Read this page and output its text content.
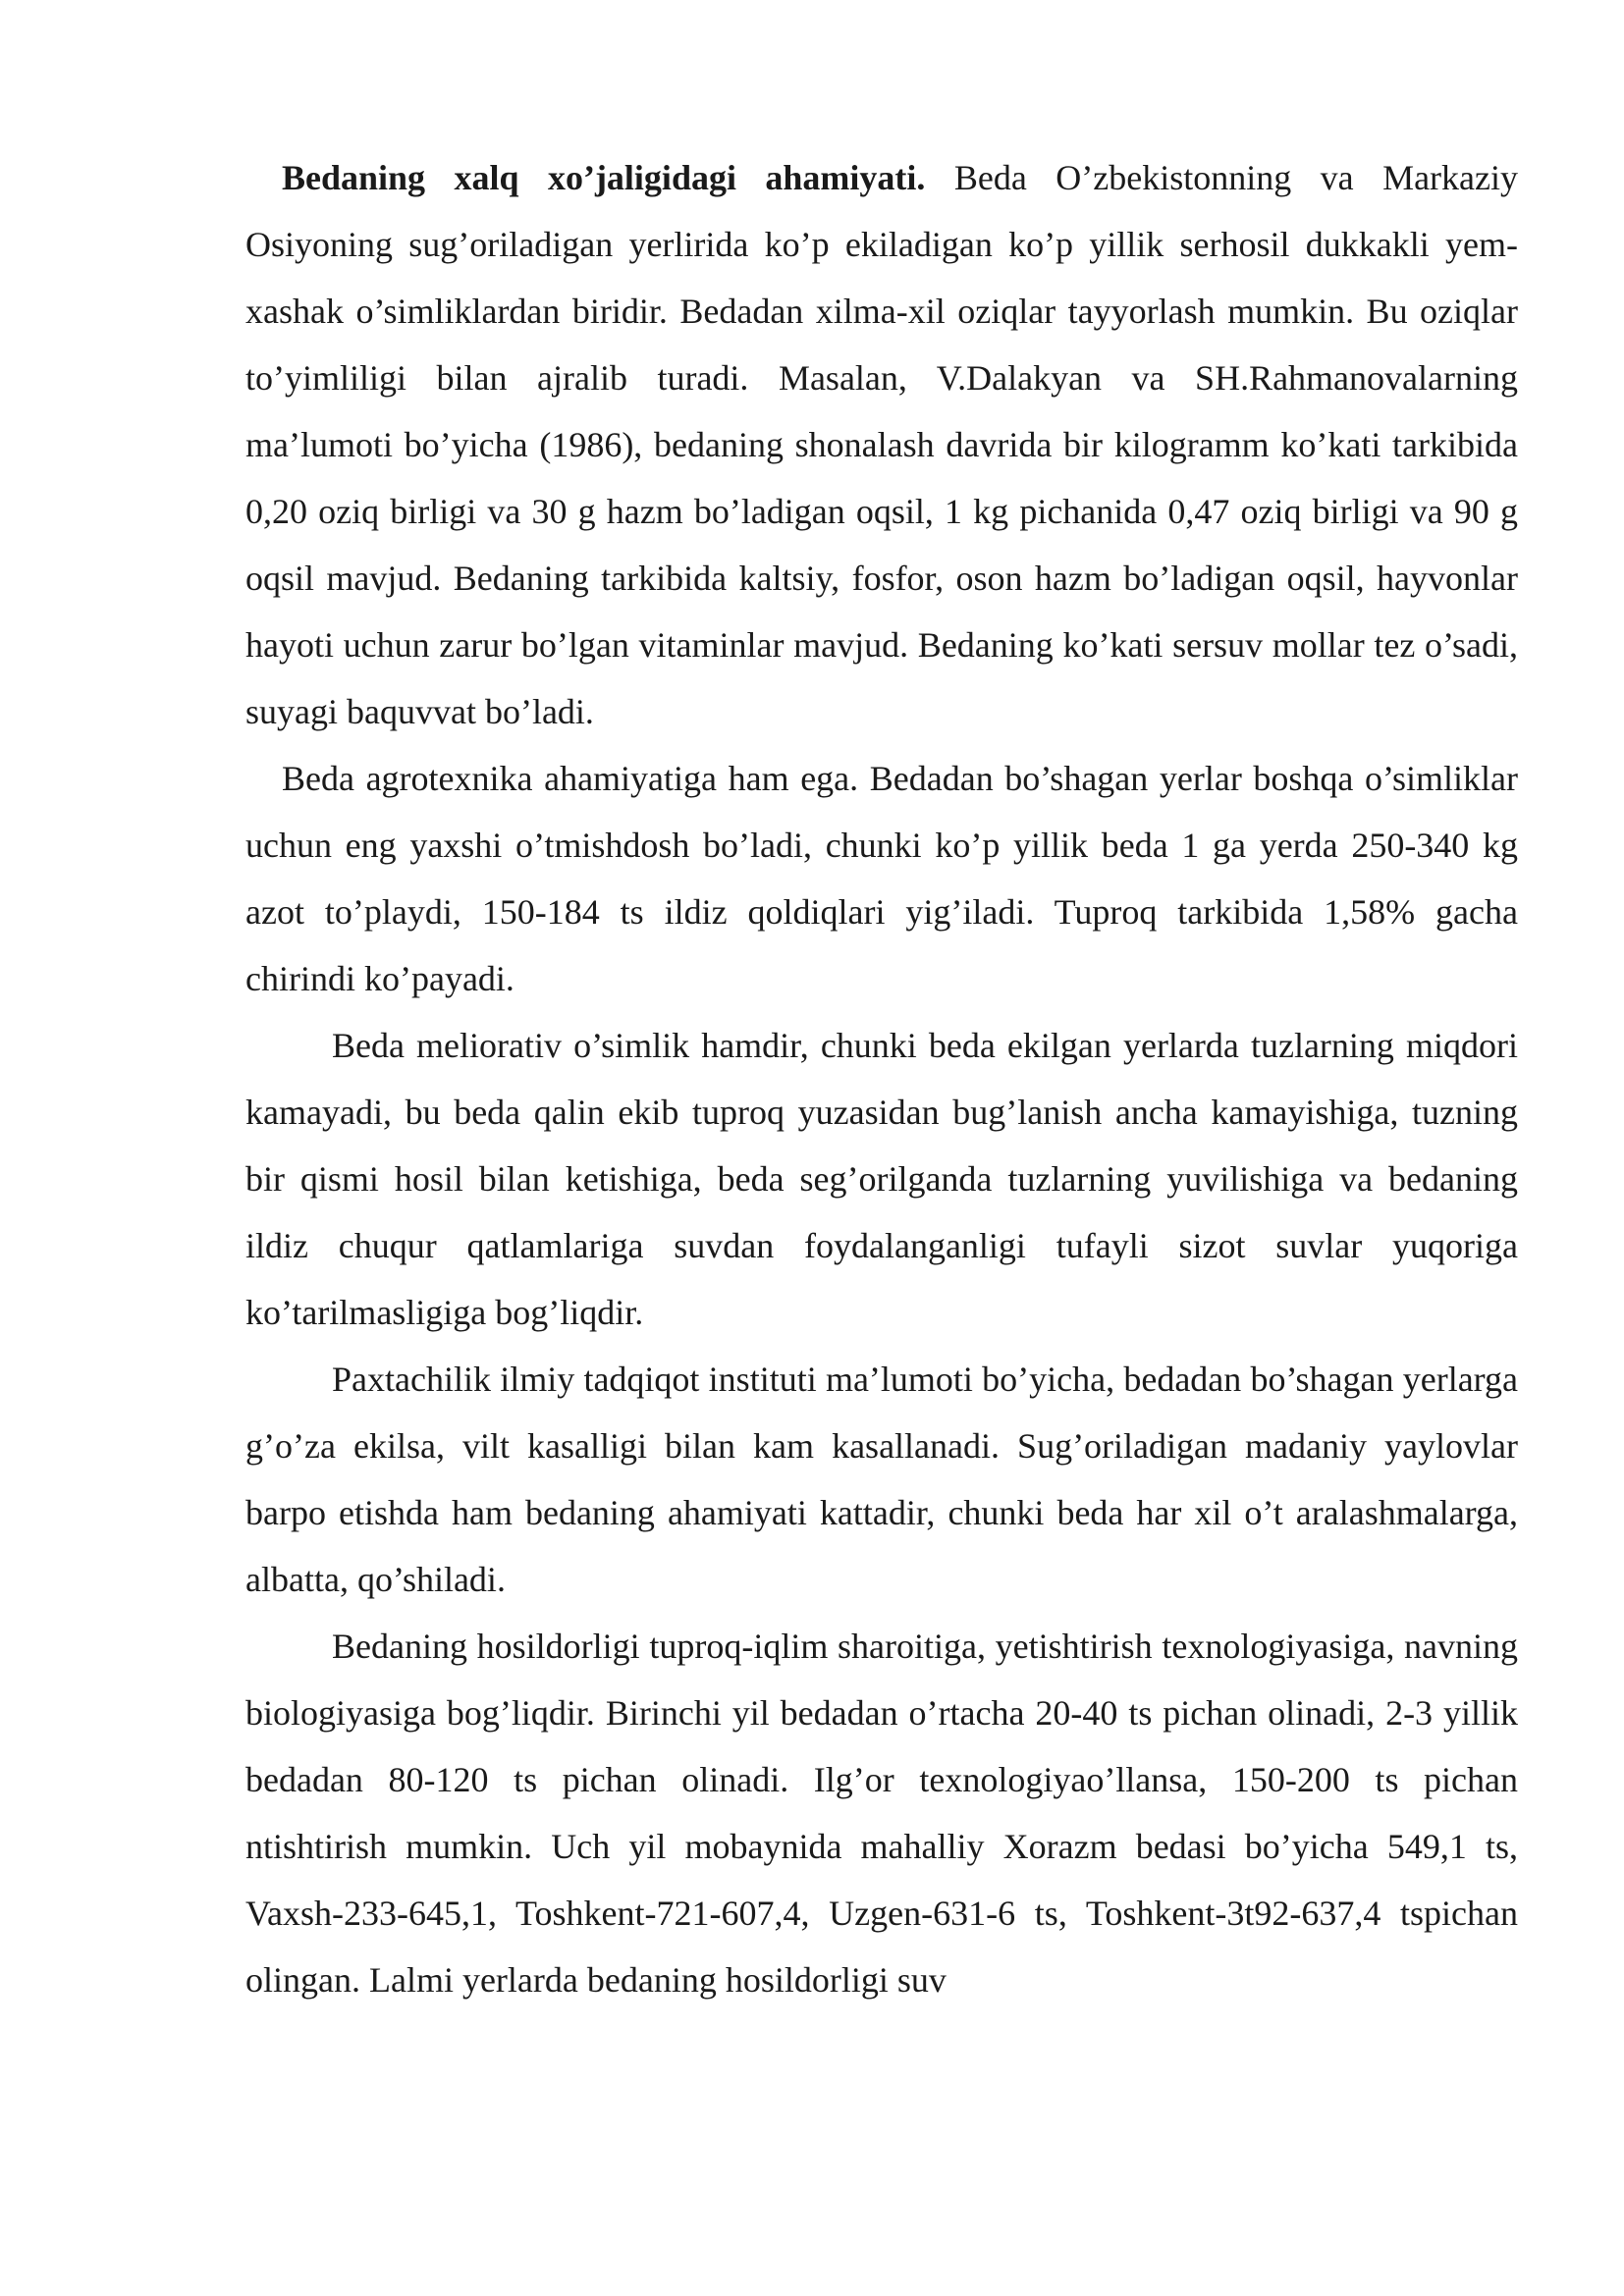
Bedaning xalq xo’jaligidagi ahamiyati. Beda O’zbekistonning va Markaziy Osiyoning sug’oriladigan yerlirida ko’p ekiladigan ko’p yillik serhosil dukkakli yem-xashak o’simliklardan biridir. Bedadan xilma-xil oziqlar tayyorlash mumkin. Bu oziqlar to’yimliligi bilan ajralib turadi. Masalan, V.Dalakyan va SH.Rahmanovalarning ma’lumoti bo’yicha (1986), bedaning shonalash davrida bir kilogramm ko’kati tarkibida 0,20 oziq birligi va 30 g hazm bo’ladigan oqsil, 1 kg pichanida 0,47 oziq birligi va 90 g oqsil mavjud. Bedaning tarkibida kaltsiy, fosfor, oson hazm bo’ladigan oqsil, hayvonlar hayoti uchun zarur bo’lgan vitaminlar mavjud. Bedaning ko’kati sersuv mollar tez o’sadi, suyagi baquvvat bo’ladi.

Beda agrotexnika ahamiyatiga ham ega. Bedadan bo’shagan yerlar boshqa o’simliklar uchun eng yaxshi o’tmishdosh bo’ladi, chunki ko’p yillik beda 1 ga yerda 250-340 kg azot to’playdi, 150-184 ts ildiz qoldiqlari yig’iladi. Tuproq tarkibida 1,58% gacha chirindi ko’payadi.

Beda meliorativ o’simlik hamdir, chunki beda ekilgan yerlarda tuzlarning miqdori kamayadi, bu beda qalin ekib tuproq yuzasidan bug’lanish ancha kamayishiga, tuzning bir qismi hosil bilan ketishiga, beda seg’orilganda tuzlarning yuvilishiga va bedaning ildiz chuqur qatlamlariga suvdan foydalanganligi tufayli sizot suvlar yuqoriga ko’tarilmasligiga bog’liqdir.

Paxtachilik ilmiy tadqiqot instituti ma’lumoti bo’yicha, bedadan bo’shagan yerlarga g’o’za ekilsa, vilt kasalligi bilan kam kasallanadi. Sug’oriladigan madaniy yaylovlar barpo etishda ham bedaning ahamiyati kattadir, chunki beda har xil o’t aralashmalarga, albatta, qo’shiladi.

Bedaning hosildorligi tuproq-iqlim sharoitiga, yetishtirish texnologiyasiga, navning biologiyasiga bog’liqdir. Birinchi yil bedadan o’rtacha 20-40 ts pichan olinadi, 2-3 yillik bedadan 80-120 ts pichan olinadi. Ilg’or texnologiyao’llansa, 150-200 ts pichan ntishtirish mumkin. Uch yil mobaynida mahalliy Xorazm bedasi bo’yicha 549,1 ts, Vaxsh-233-645,1, Toshkent-721-607,4, Uzgen-631-6 ts, Toshkent-3t92-637,4 tspichan olingan. Lalmi yerlarda bedaning hosildorligi suv
